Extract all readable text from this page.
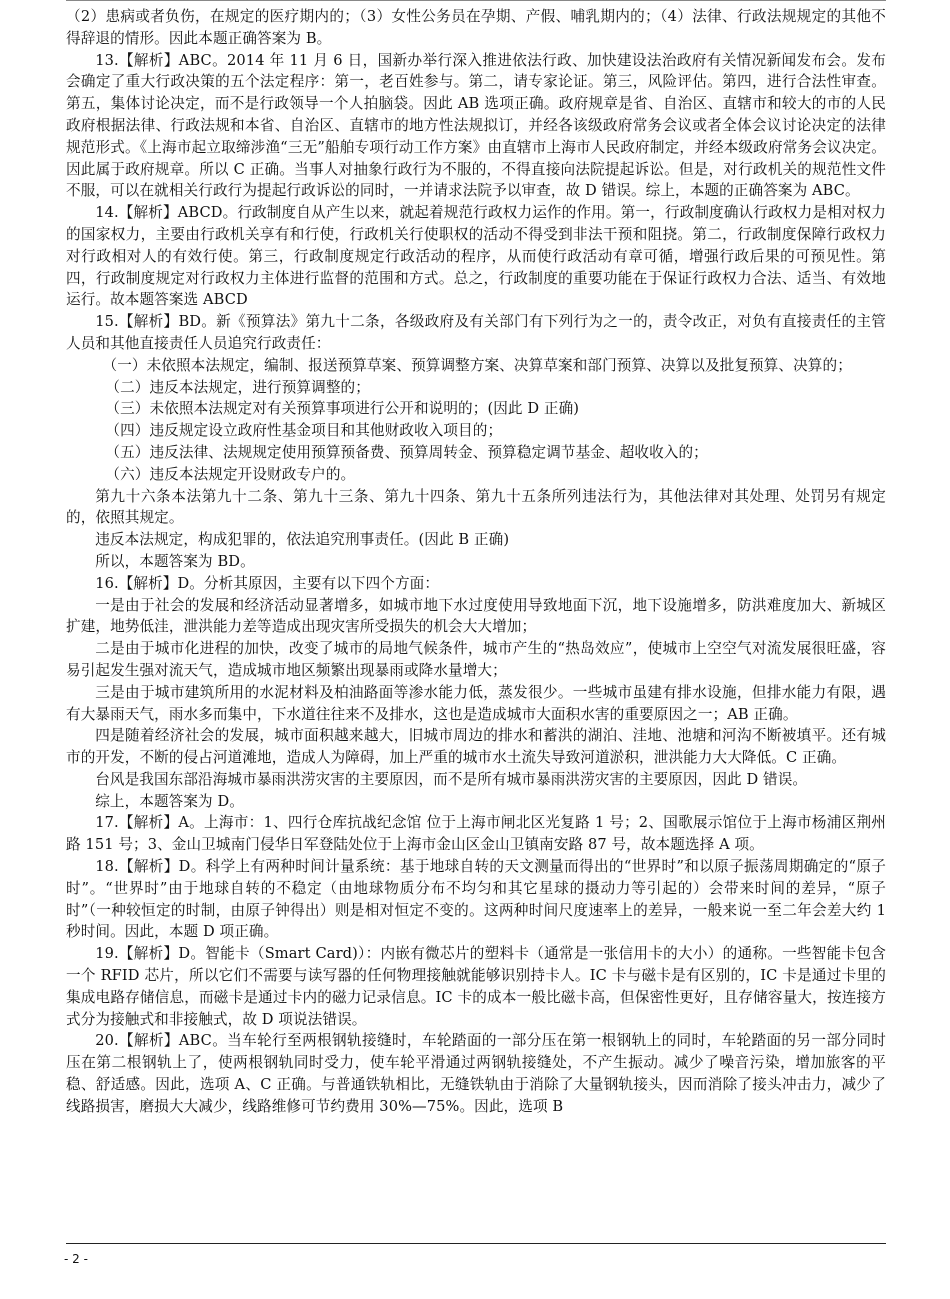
（2）患病或者负伤，在规定的医疗期内的；（3）女性公务员在孕期、产假、哺乳期内的；（4）法律、行政法规规定的其他不得辞退的情形。因此本题正确答案为 B。

13.【解析】ABC。2014 年 11 月 6 日，国新办举行深入推进依法行政、加快建设法治政府有关情况新闻发布会。发布会确定了重大行政决策的五个法定程序：第一，老百姓参与。第二，请专家论证。第三，风险评估。第四，进行合法性审查。第五，集体讨论决定，而不是行政领导一个人拍脑袋。因此 AB 选项正确。政府规章是省、自治区、直辖市和较大的市的人民政府根据法律、行政法规和本省、自治区、直辖市的地方性法规拟订，并经各该级政府常务会议或者全体会议讨论决定的法律规范形式。《上海市起立取缔涉渔“三无”船舶专项行动工作方案》由直辖市上海市人民政府制定，并经本级政府常务会议决定。因此属于政府规章。所以 C 正确。当事人对抽象行政行为不服的，不得直接向法院提起诉讼。但是，对行政机关的规范性文件不服，可以在就相关行政行为提起行政诉讼的同时，一并请求法院予以审查，故 D 错误。综上，本题的正确答案为 ABC。

14.【解析】ABCD。行政制度自从产生以来，就起着规范行政权力运作的作用。第一，行政制度确认行政权力是相对权力的国家权力，主要由行政机关享有和行使，行政机关行使职权的活动不得受到非法干预和阻挠。第二，行政制度保障行政权力对行政相对人的有效行使。第三，行政制度规定行政活动的程序，从而使行政活动有章可循，增强行政后果的可预见性。第四，行政制度规定对行政权力主体进行监督的范围和方式。总之，行政制度的重要功能在于保证行政权力合法、适当、有效地运行。故本题答案选 ABCD

15.【解析】BD。新《预算法》第九十二条，各级政府及有关部门有下列行为之一的，责令改正，对负有直接责任的主管人员和其他直接责任人员追究行政责任：

（一）未依照本法规定，编制、报送预算草案、预算调整方案、决算草案和部门预算、决算以及批复预算、决算的；

（二）违反本法规定，进行预算调整的；

（三）未依照本法规定对有关预算事项进行公开和说明的；(因此 D 正确)

（四）违反规定设立政府性基金项目和其他财政收入项目的；

（五）违反法律、法规规定使用预算预备费、预算周转金、预算稳定调节基金、超收收入的；

（六）违反本法规定开设财政专户的。

第九十六条本法第九十二条、第九十三条、第九十四条、第九十五条所列违法行为，其他法律对其处理、处罚另有规定的，依照其规定。

违反本法规定，构成犯罪的，依法追究刑事责任。(因此 B 正确)

所以，本题答案为 BD。

16.【解析】D。分析其原因，主要有以下四个方面：

一是由于社会的发展和经济活动显著增多，如城市地下水过度使用导致地面下沉，地下设施增多，防洪难度加大、新城区扩建，地势低洼，泄洪能力差等造成出现灾害所受损失的机会大大增加；

二是由于城市化进程的加快，改变了城市的局地气候条件，城市产生的“热岛效应”，使城市上空空气对流发展很旺盛，容易引起发生强对流天气，造成城市地区频繁出现暴雨或降水量增大；

三是由于城市建筑所用的水泥材料及柏油路面等渗水能力低，蒸发很少。一些城市虽建有排水设施，但排水能力有限，遇有大暴雨天气，雨水多而集中，下水道往往来不及排水，这也是造成城市大面积水害的重要原因之一；AB 正确。

四是随着经济社会的发展，城市面积越来越大，旧城市周边的排水和蓄洪的湖泊、洼地、池塘和河沟不断被填平。还有城市的开发，不断的侵占河道滩地，造成人为障碍，加上严重的城市水土流失导致河道淤积，泄洪能力大大降低。C 正确。

台风是我国东部沿海城市暴雨洪涝灾害的主要原因，而不是所有城市暴雨洪涝灾害的主要原因，因此 D 错误。

综上，本题答案为 D。

17.【解析】A。上海市：1、四行仓库抗战纪念馆 位于上海市闸北区光复路 1 号；2、国歌展示馆位于上海市杨浦区荆州路 151 号；3、金山卫城南门侵华日军登陆处位于上海市金山区金山卫镇南安路 87 号，故本题选择 A 项。

18.【解析】D。科学上有两种时间计量系统：基于地球自转的天文测量而得出的“世界时”和以原子振荡周期确定的“原子时”。“世界时”由于地球自转的不稳定（由地球物质分布不均匀和其它星球的摄动力等引起的）会带来时间的差异，“原子时”（一种较恒定的时制，由原子钟得出）则是相对恒定不变的。这两种时间尺度速率上的差异，一般来说一至二年会差大约 1 秒时间。因此，本题 D 项正确。

19.【解析】D。智能卡（Smart Card)）：内嵌有微芯片的塑料卡（通常是一张信用卡的大小）的通称。一些智能卡包含一个 RFID 芯片，所以它们不需要与读写器的任何物理接触就能够识别持卡人。IC 卡与磁卡是有区别的，IC 卡是通过卡里的集成电路存储信息，而磁卡是通过卡内的磁力记录信息。IC 卡的成本一般比磁卡高，但保密性更好，且存储容量大，按连接方式分为接触式和非接触式，故 D 项说法错误。

20.【解析】ABC。当车轮行至两根钢轨接缝时，车轮踏面的一部分压在第一根钢轨上的同时，车轮踏面的另一部分同时压在第二根钢轨上了，使两根钢轨同时受力，使车轮平滑通过两钢轨接缝处，不产生振动。减少了噪音污染，增加旅客的平稳、舒适感。因此，选项 A、C 正确。与普通铁轨相比，无缝铁轨由于消除了大量钢轨接头，因而消除了接头冲击力，减少了线路损害，磨损大大减少，线路维修可节约费用 30%—75%。因此，选项 B

- 2 -
